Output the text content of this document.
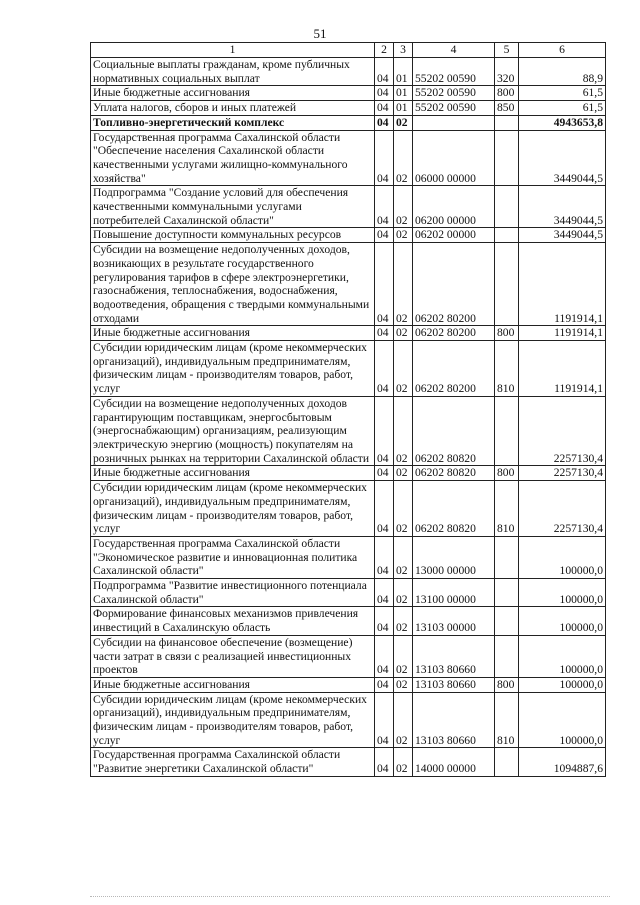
51
1	2	3	4	5	6
Социальные выплаты гражданам, кроме публичных нормативных социальных выплат	04	01	55202 00590	320	88,9
Иные бюджетные ассигнования	04	01	55202 00590	800	61,5
Уплата налогов, сборов и иных платежей	04	01	55202 00590	850	61,5
Топливно-энергетический комплекс	04	02			4943653,8
Государственная программа Сахалинской области "Обеспечение населения Сахалинской области качественными услугами жилищно-коммунального хозяйства"	04	02	06000 00000		3449044,5
Подпрограмма "Создание условий для обеспечения качественными коммунальными услугами потребителей Сахалинской области"	04	02	06200 00000		3449044,5
Повышение доступности коммунальных ресурсов	04	02	06202 00000		3449044,5
Субсидии на возмещение недополученных доходов, возникающих в результате государственного регулирования тарифов в сфере электроэнергетики, газоснабжения, теплоснабжения, водоснабжения, водоотведения, обращения с твердыми коммунальными отходами	04	02	06202 80200		1191914,1
Иные бюджетные ассигнования	04	02	06202 80200	800	1191914,1
Субсидии юридическим лицам (кроме некоммерческих организаций), индивидуальным предпринимателям, физическим лицам - производителям товаров, работ, услуг	04	02	06202 80200	810	1191914,1
Субсидии на возмещение недополученных доходов гарантирующим поставщикам, энергосбытовым (энергоснабжающим) организациям, реализующим электрическую энергию (мощность) покупателям на розничных рынках на территории Сахалинской области	04	02	06202 80820		2257130,4
Иные бюджетные ассигнования	04	02	06202 80820	800	2257130,4
Субсидии юридическим лицам (кроме некоммерческих организаций), индивидуальным предпринимателям, физическим лицам - производителям товаров, работ, услуг	04	02	06202 80820	810	2257130,4
Государственная программа Сахалинской области "Экономическое развитие и инновационная политика Сахалинской области"	04	02	13000 00000		100000,0
Подпрограмма "Развитие инвестиционного потенциала Сахалинской области"	04	02	13100 00000		100000,0
Формирование финансовых механизмов привлечения инвестиций в Сахалинскую область	04	02	13103 00000		100000,0
Субсидии на финансовое обеспечение (возмещение) части затрат в связи с реализацией инвестиционных проектов	04	02	13103 80660		100000,0
Иные бюджетные ассигнования	04	02	13103 80660	800	100000,0
Субсидии юридическим лицам (кроме некоммерческих организаций), индивидуальным предпринимателям, физическим лицам - производителям товаров, работ, услуг	04	02	13103 80660	810	100000,0
Государственная программа Сахалинской области "Развитие энергетики Сахалинской области"	04	02	14000 00000		1094887,6
